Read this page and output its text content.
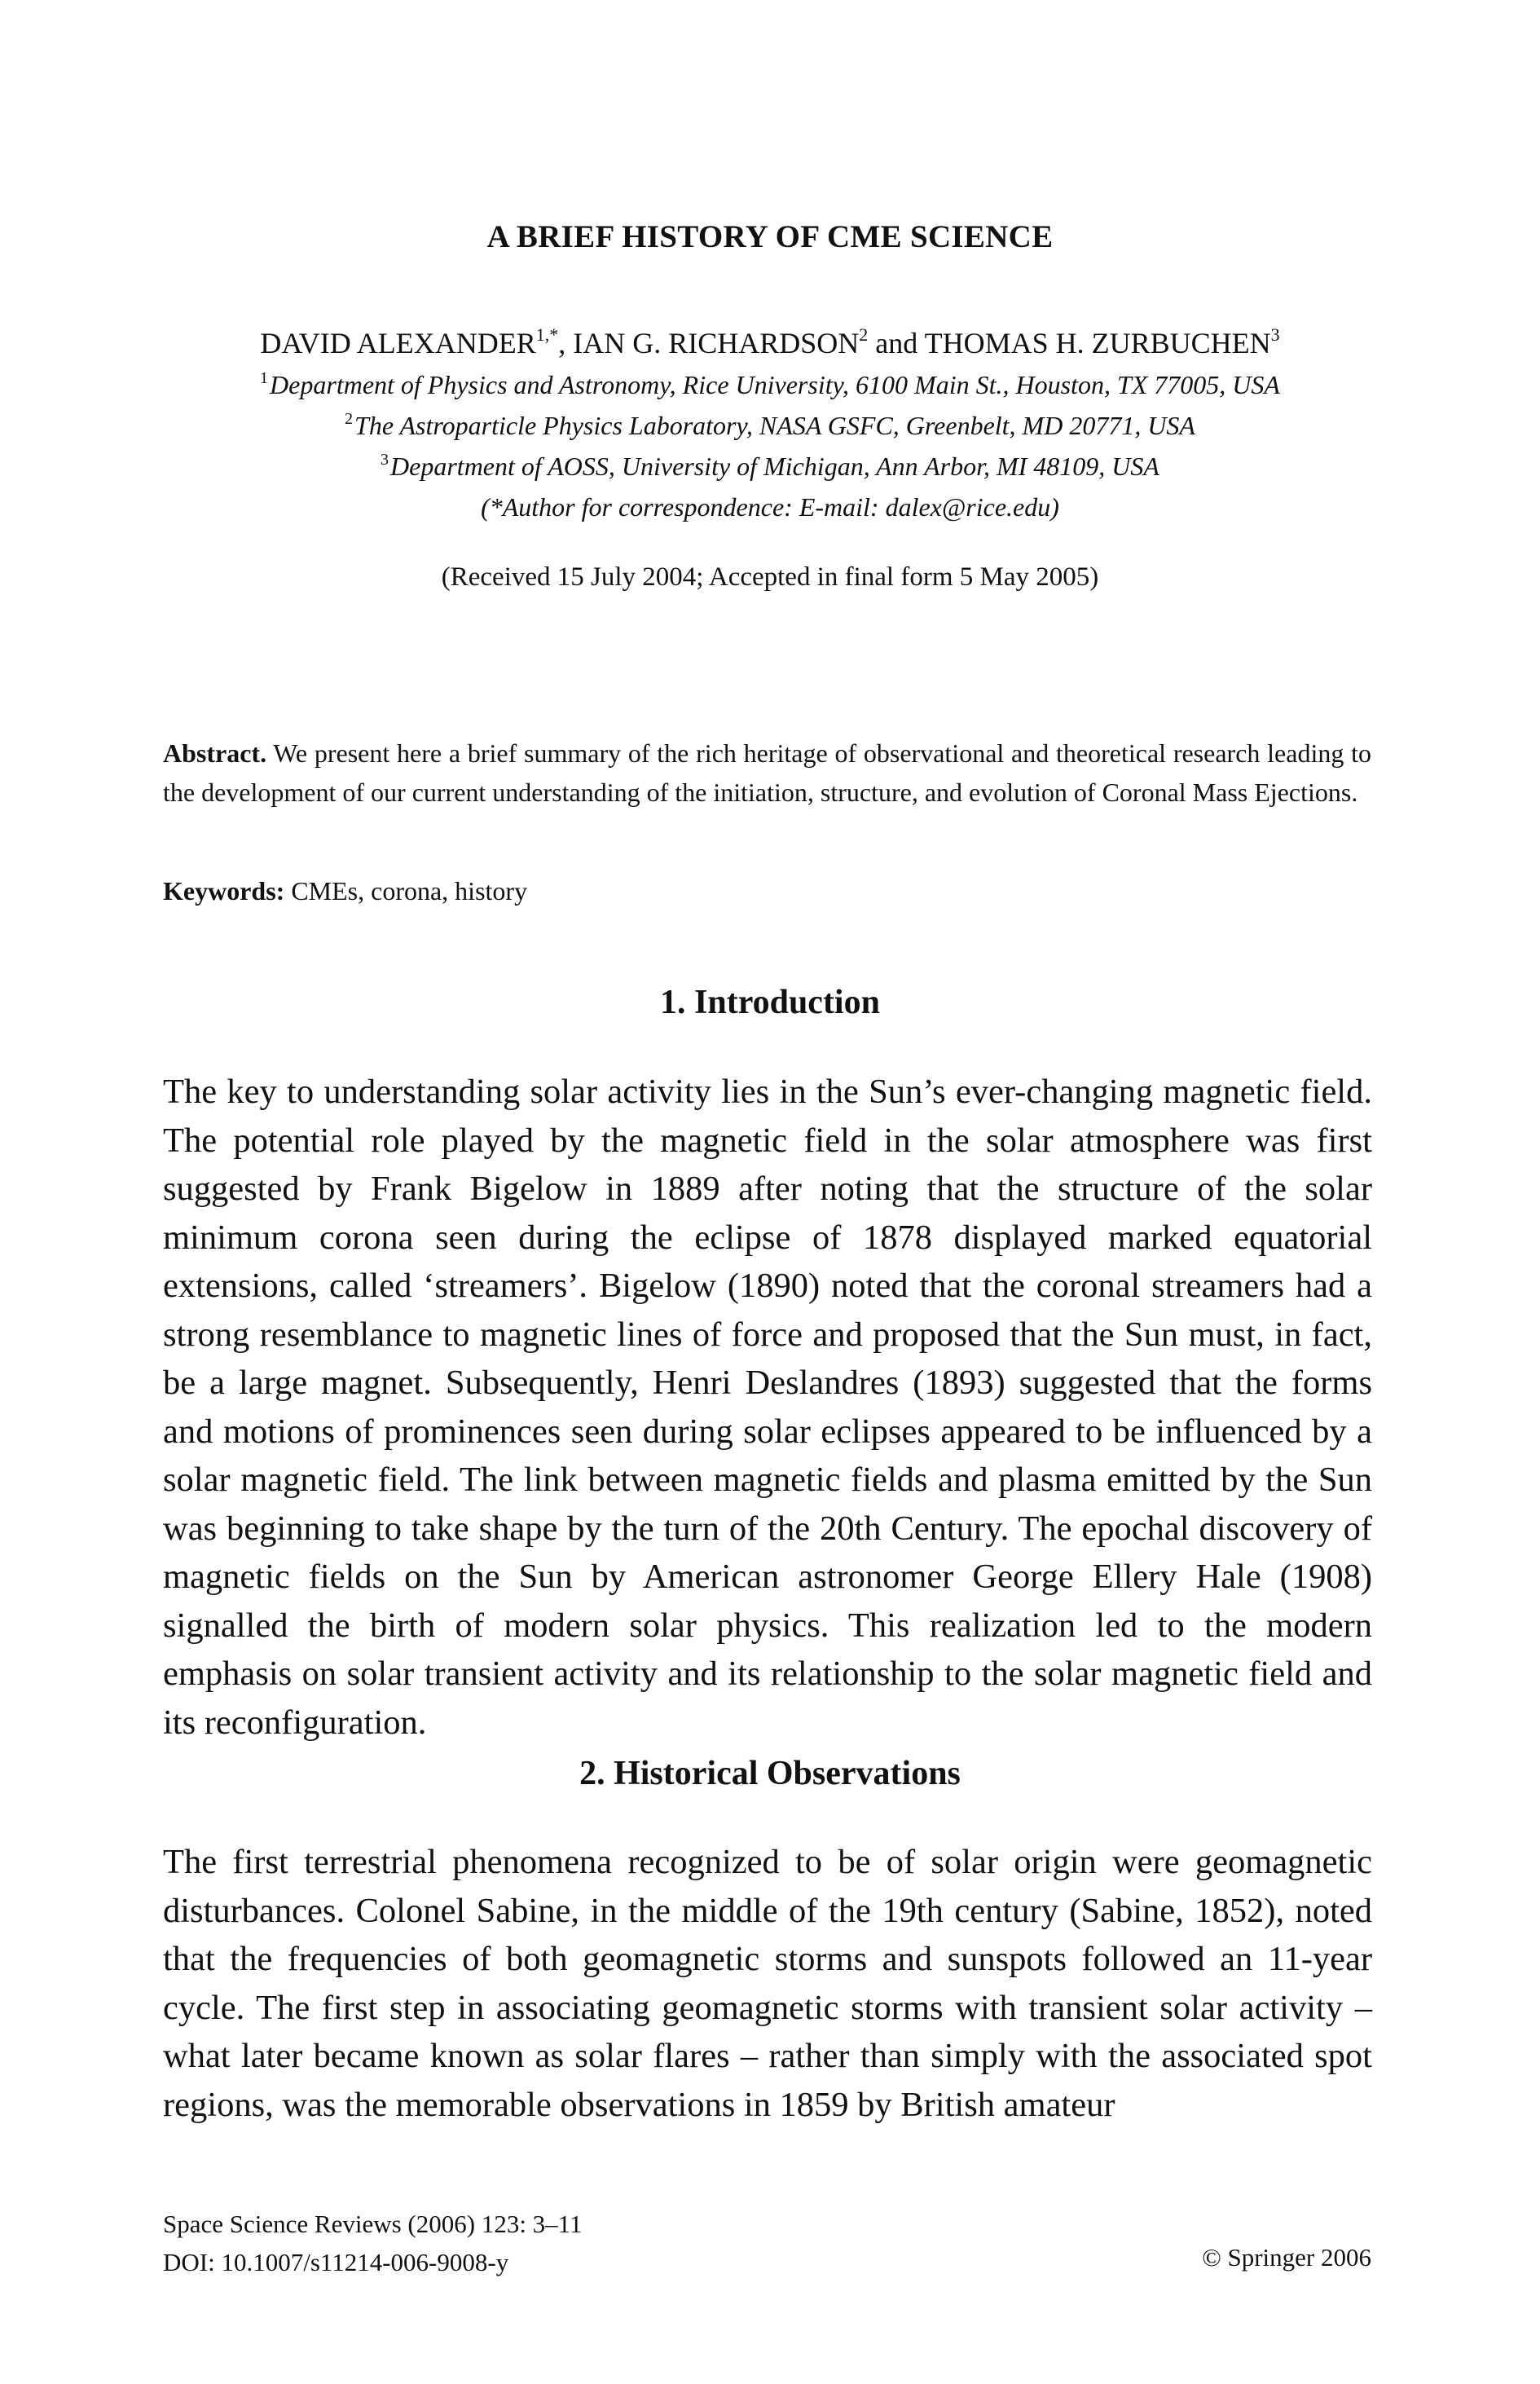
A BRIEF HISTORY OF CME SCIENCE
DAVID $ALEXANDER^{1,*}$, IAN G. RICHARDSON$^2$ and THOMAS H. ZURBUCHEN$^3$
$^1$Department of Physics and Astronomy, Rice University, 6100 Main St., Houston, TX 77005, USA
$^2$The Astroparticle Physics Laboratory, NASA GSFC, Greenbelt, MD 20771, USA
$^3$Department of AOSS, University of Michigan, Ann Arbor, MI 48109, USA
(*Author for correspondence: E-mail: dalex@rice.edu)
(Received 15 July 2004; Accepted in final form 5 May 2005)
Abstract. We present here a brief summary of the rich heritage of observational and theoretical research leading to the development of our current understanding of the initiation, structure, and evolution of Coronal Mass Ejections.
Keywords: CMEs, corona, history
1. Introduction
The key to understanding solar activity lies in the Sun’s ever-changing magnetic field. The potential role played by the magnetic field in the solar atmosphere was first suggested by Frank Bigelow in 1889 after noting that the structure of the solar minimum corona seen during the eclipse of 1878 displayed marked equatorial extensions, called ‘streamers’. Bigelow (1890) noted that the coronal streamers had a strong resemblance to magnetic lines of force and proposed that the Sun must, in fact, be a large magnet. Subsequently, Henri Deslandres (1893) suggested that the forms and motions of prominences seen during solar eclipses appeared to be influenced by a solar magnetic field. The link between magnetic fields and plasma emitted by the Sun was beginning to take shape by the turn of the 20th Century. The epochal discovery of magnetic fields on the Sun by American astronomer George Ellery Hale (1908) signalled the birth of modern solar physics. This realization led to the modern emphasis on solar transient activity and its relationship to the solar magnetic field and its reconfiguration.
2. Historical Observations
The first terrestrial phenomena recognized to be of solar origin were geomagnetic disturbances. Colonel Sabine, in the middle of the 19th century (Sabine, 1852), noted that the frequencies of both geomagnetic storms and sunspots followed an 11-year cycle. The first step in associating geomagnetic storms with transient solar activity – what later became known as solar flares – rather than simply with the associated spot regions, was the memorable observations in 1859 by British amateur
Space Science Reviews (2006) 123: 3–11
DOI: 10.1007/s11214-006-9008-y	© Springer 2006
